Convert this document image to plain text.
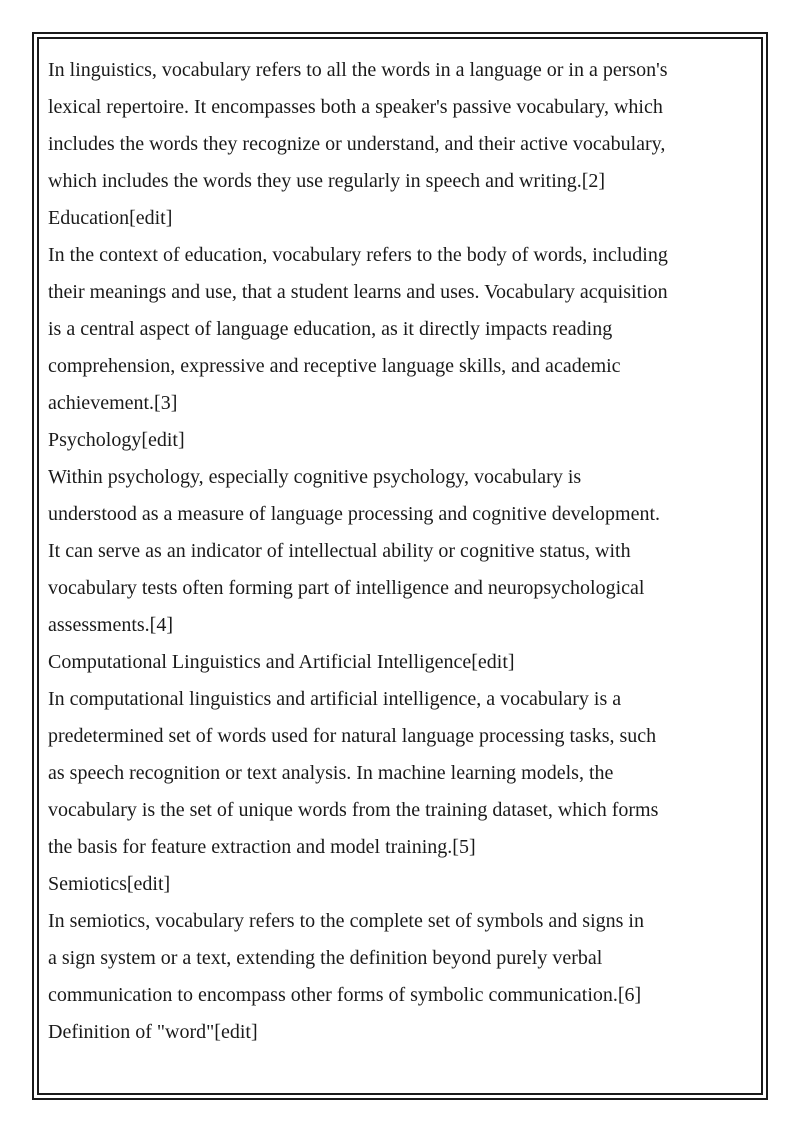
In linguistics, vocabulary refers to all the words in a language or in a person's
lexical repertoire. It encompasses both a speaker's passive vocabulary, which
includes the words they recognize or understand, and their active vocabulary,
which includes the words they use regularly in speech and writing.[2]

Education[edit]

In the context of education, vocabulary refers to the body of words, including
their meanings and use, that a student learns and uses. Vocabulary acquisition
is a central aspect of language education, as it directly impacts reading
comprehension, expressive and receptive language skills, and academic
achievement.[3]

Psychology[edit]

Within psychology, especially cognitive psychology, vocabulary is
understood as a measure of language processing and cognitive development.
It can serve as an indicator of intellectual ability or cognitive status, with
vocabulary tests often forming part of intelligence and neuropsychological
assessments.[4]

Computational Linguistics and Artificial Intelligence[edit]

In computational linguistics and artificial intelligence, a vocabulary is a
predetermined set of words used for natural language processing tasks, such
as speech recognition or text analysis. In machine learning models, the
vocabulary is the set of unique words from the training dataset, which forms
the basis for feature extraction and model training.[5]

Semiotics[edit]

In semiotics, vocabulary refers to the complete set of symbols and signs in
a sign system or a text, extending the definition beyond purely verbal
communication to encompass other forms of symbolic communication.[6]

Definition of "word"[edit]
